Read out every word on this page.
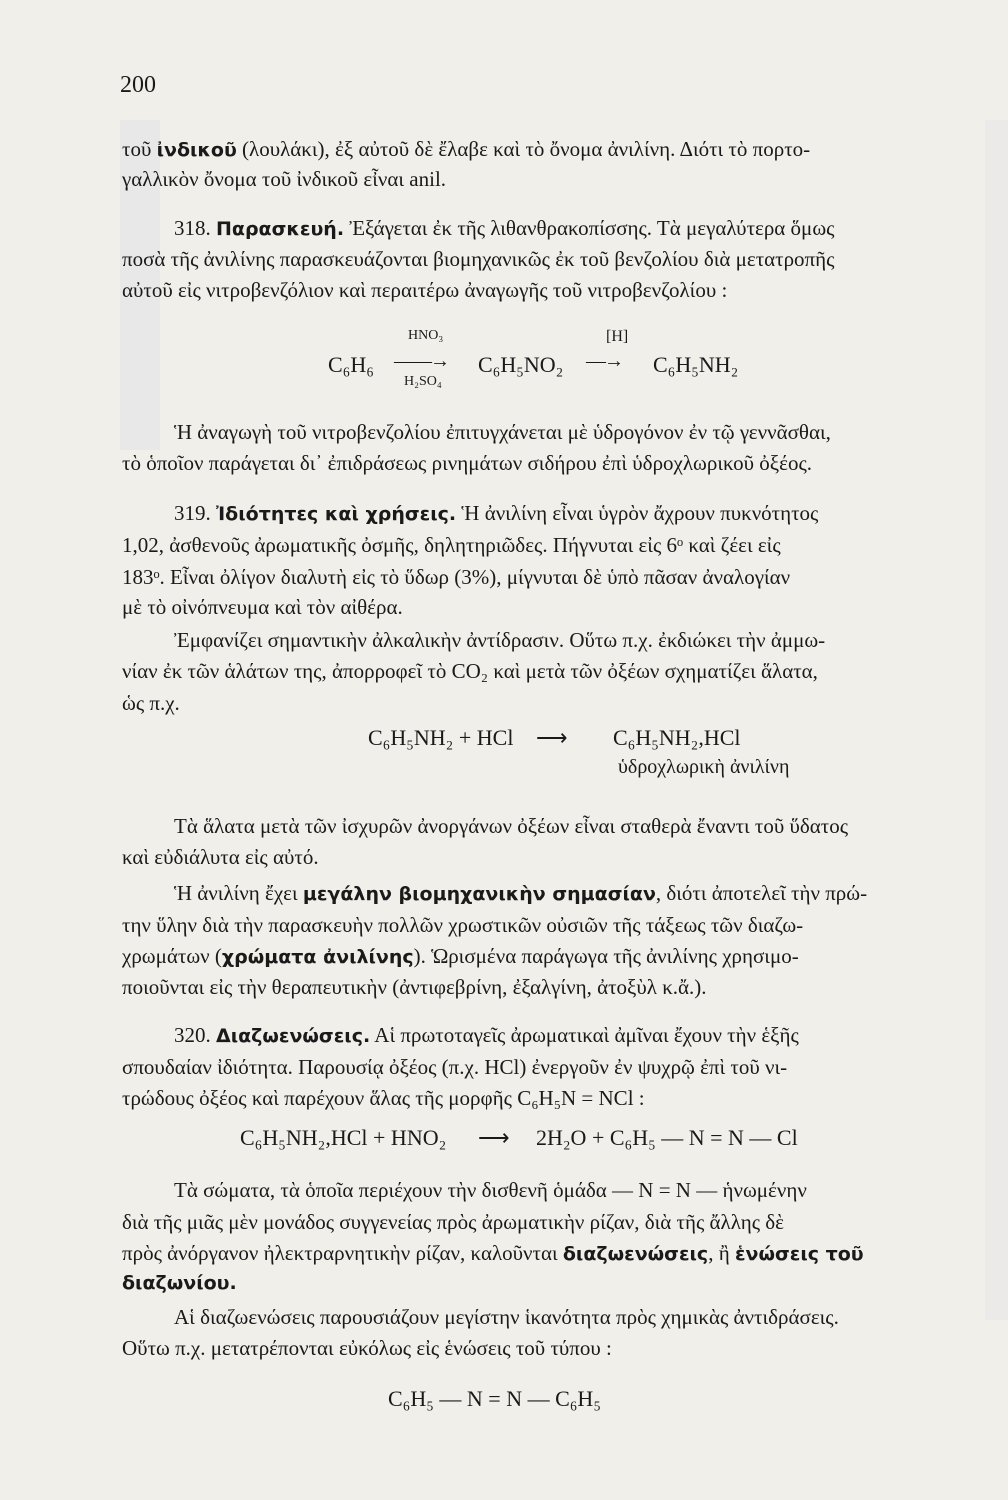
200
τοῦ ἰνδικοῦ (λουλάκι), ἐξ αὐτοῦ δὲ ἔλαβε καὶ τὸ ὄνομα ἀνιλίνη. Διότι τὸ πορτο-
γαλλικὸν ὄνομα τοῦ ἰνδικοῦ εἶναι anil.
318. Παρασκευή. Ἐξάγεται ἐκ τῆς λιθανθρακοπίσσης. Τὰ μεγαλύτερα ὅμως
ποσὰ τῆς ἀνιλίνης παρασκευάζονται βιομηχανικῶς ἐκ τοῦ βενζολίου διὰ μετατροπῆς
αὐτοῦ εἰς νιτροβενζόλιον καὶ περαιτέρω ἀναγωγῆς τοῦ νιτροβενζολίου :
C₆H₆
HNO₃
——→
H₂SO₄
C₆H₅NO₂
[H]
—→ C₆H₅NH₂
Ἡ ἀναγωγὴ τοῦ νιτροβενζολίου ἐπιτυγχάνεται μὲ ὑδρογόνον ἐν τῷ γεννᾶσθαι,
τὸ ὁποῖον παράγεται δι᾽ ἐπιδράσεως ρινημάτων σιδήρου ἐπὶ ὑδροχλωρικοῦ ὀξέος.
319. Ἰδιότητες καὶ χρήσεις. Ἡ ἀνιλίνη εἶναι ὑγρὸν ἄχρουν πυκνότητος
1,02, ἀσθενοῦς ἀρωματικῆς ὀσμῆς, δηλητηριῶδες. Πήγνυται εἰς 6ᵒ καὶ ζέει εἰς
183ᵒ. Εἶναι ὀλίγον διαλυτὴ εἰς τὸ ὕδωρ (3%), μίγνυται δὲ ὑπὸ πᾶσαν ἀναλογίαν
μὲ τὸ οἰνόπνευμα καὶ τὸν αἰθέρα.
Ἐμφανίζει σημαντικὴν ἀλκαλικὴν ἀντίδρασιν. Οὕτω π.χ. ἐκδιώκει τὴν ἀμμω-
νίαν ἐκ τῶν ἁλάτων της, ἀπορροφεῖ τὸ CO₂ καὶ μετὰ τῶν ὀξέων σχηματίζει ἅλατα,
ὡς π.χ.
C₆H₅NH₂ + HCl ⟶ C₆H₅NH₂,HCl
ὑδροχλωρικὴ ἀνιλίνη
Τὰ ἅλατα μετὰ τῶν ἰσχυρῶν ἀνοργάνων ὀξέων εἶναι σταθερὰ ἔναντι τοῦ ὕδατος
καὶ εὐδιάλυτα εἰς αὐτό.
Ἡ ἀνιλίνη ἔχει μεγάλην βιομηχανικὴν σημασίαν, διότι ἀποτελεῖ τὴν πρώ-
την ὕλην διὰ τὴν παρασκευὴν πολλῶν χρωστικῶν οὐσιῶν τῆς τάξεως τῶν διαζω-
χρωμάτων (χρώματα ἀνιλίνης). Ὡρισμένα παράγωγα τῆς ἀνιλίνης χρησιμο-
ποιοῦνται εἰς τὴν θεραπευτικὴν (ἀντιφεβρίνη, ἐξαλγίνη, ἀτοξὺλ κ.ἄ.).
320. Διαζωενώσεις. Αἱ πρωτοταγεῖς ἀρωματικαὶ ἀμῖναι ἔχουν τὴν ἑξῆς
σπουδαίαν ἰδιότητα. Παρουσίᾳ ὀξέος (π.χ. HCl) ἐνεργοῦν ἐν ψυχρῷ ἐπὶ τοῦ νι-
τρώδους ὀξέος καὶ παρέχουν ἅλας τῆς μορφῆς C₆H₅N = NCl :
C₆H₅NH₂,HCl + HNO₂ ⟶ 2H₂O + C₆H₅ — N = N — Cl
Τὰ σώματα, τὰ ὁποῖα περιέχουν τὴν δισθενῆ ὁμάδα — N = N — ἡνωμένην
διὰ τῆς μιᾶς μὲν μονάδος συγγενείας πρὸς ἀρωματικὴν ρίζαν, διὰ τῆς ἄλλης δὲ
πρὸς ἀνόργανον ἠλεκτραρνητικὴν ρίζαν, καλοῦνται διαζωενώσεις, ἢ ἑνώσεις τοῦ
διαζωνίου.
Αἱ διαζωενώσεις παρουσιάζουν μεγίστην ἱκανότητα πρὸς χημικὰς ἀντιδράσεις.
Οὕτω π.χ. μετατρέπονται εὐκόλως εἰς ἑνώσεις τοῦ τύπου :
C₆H₅ — N = N — C₆H₅
